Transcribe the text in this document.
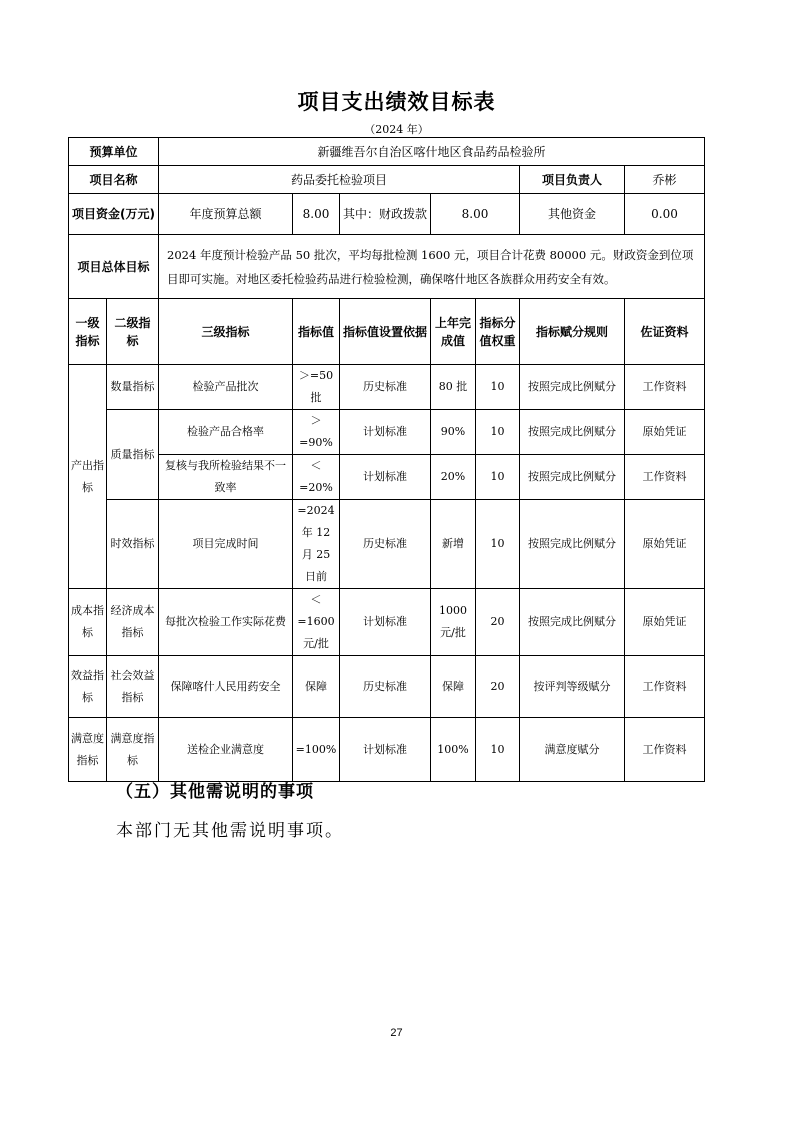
项目支出绩效目标表
（2024 年）
预算单位		新疆维吾尔自治区喀什地区食品药品检验所						
项目名称		药品委托检验项目					项目负责人	乔彬
项目资金(万元)		年度预算总额	8.00	其中：财政拨款	8.00		其他资金	0.00
项目总体目标		2024 年度预计检验产品 50 批次，平均每批检测 1600 元，项目合计花费 80000 元。财政资金到位项目即可实施。对地区委托检验药品进行检验检测，确保喀什地区各族群众用药安全有效。						
一级指标	二级指标	三级指标	指标值	指标值设置依据	上年完成值	指标分值权重	指标赋分规则	佐证资料
产出指标	数量指标	检验产品批次	＞=50 批	历史标准	80 批	10	按照完成比例赋分	工作资料
	质量指标	检验产品合格率	＞=90%	计划标准	90%	10	按照完成比例赋分	原始凭证
		复核与我所检验结果不一致率	＜=20%	计划标准	20%	10	按照完成比例赋分	工作资料
	时效指标	项目完成时间	=2024 年 12 月 25 日前	历史标准	新增	10	按照完成比例赋分	原始凭证
成本指标	经济成本指标	每批次检验工作实际花费	＜=1600 元/批	计划标准	1000 元/批	20	按照完成比例赋分	原始凭证
效益指标	社会效益指标	保障喀什人民用药安全	保障	历史标准	保障	20	按评判等级赋分	工作资料
满意度指标	满意度指标	送检企业满意度	=100%	计划标准	100%	10	满意度赋分	工作资料
（五）其他需说明的事项
本部门无其他需说明事项。
27
